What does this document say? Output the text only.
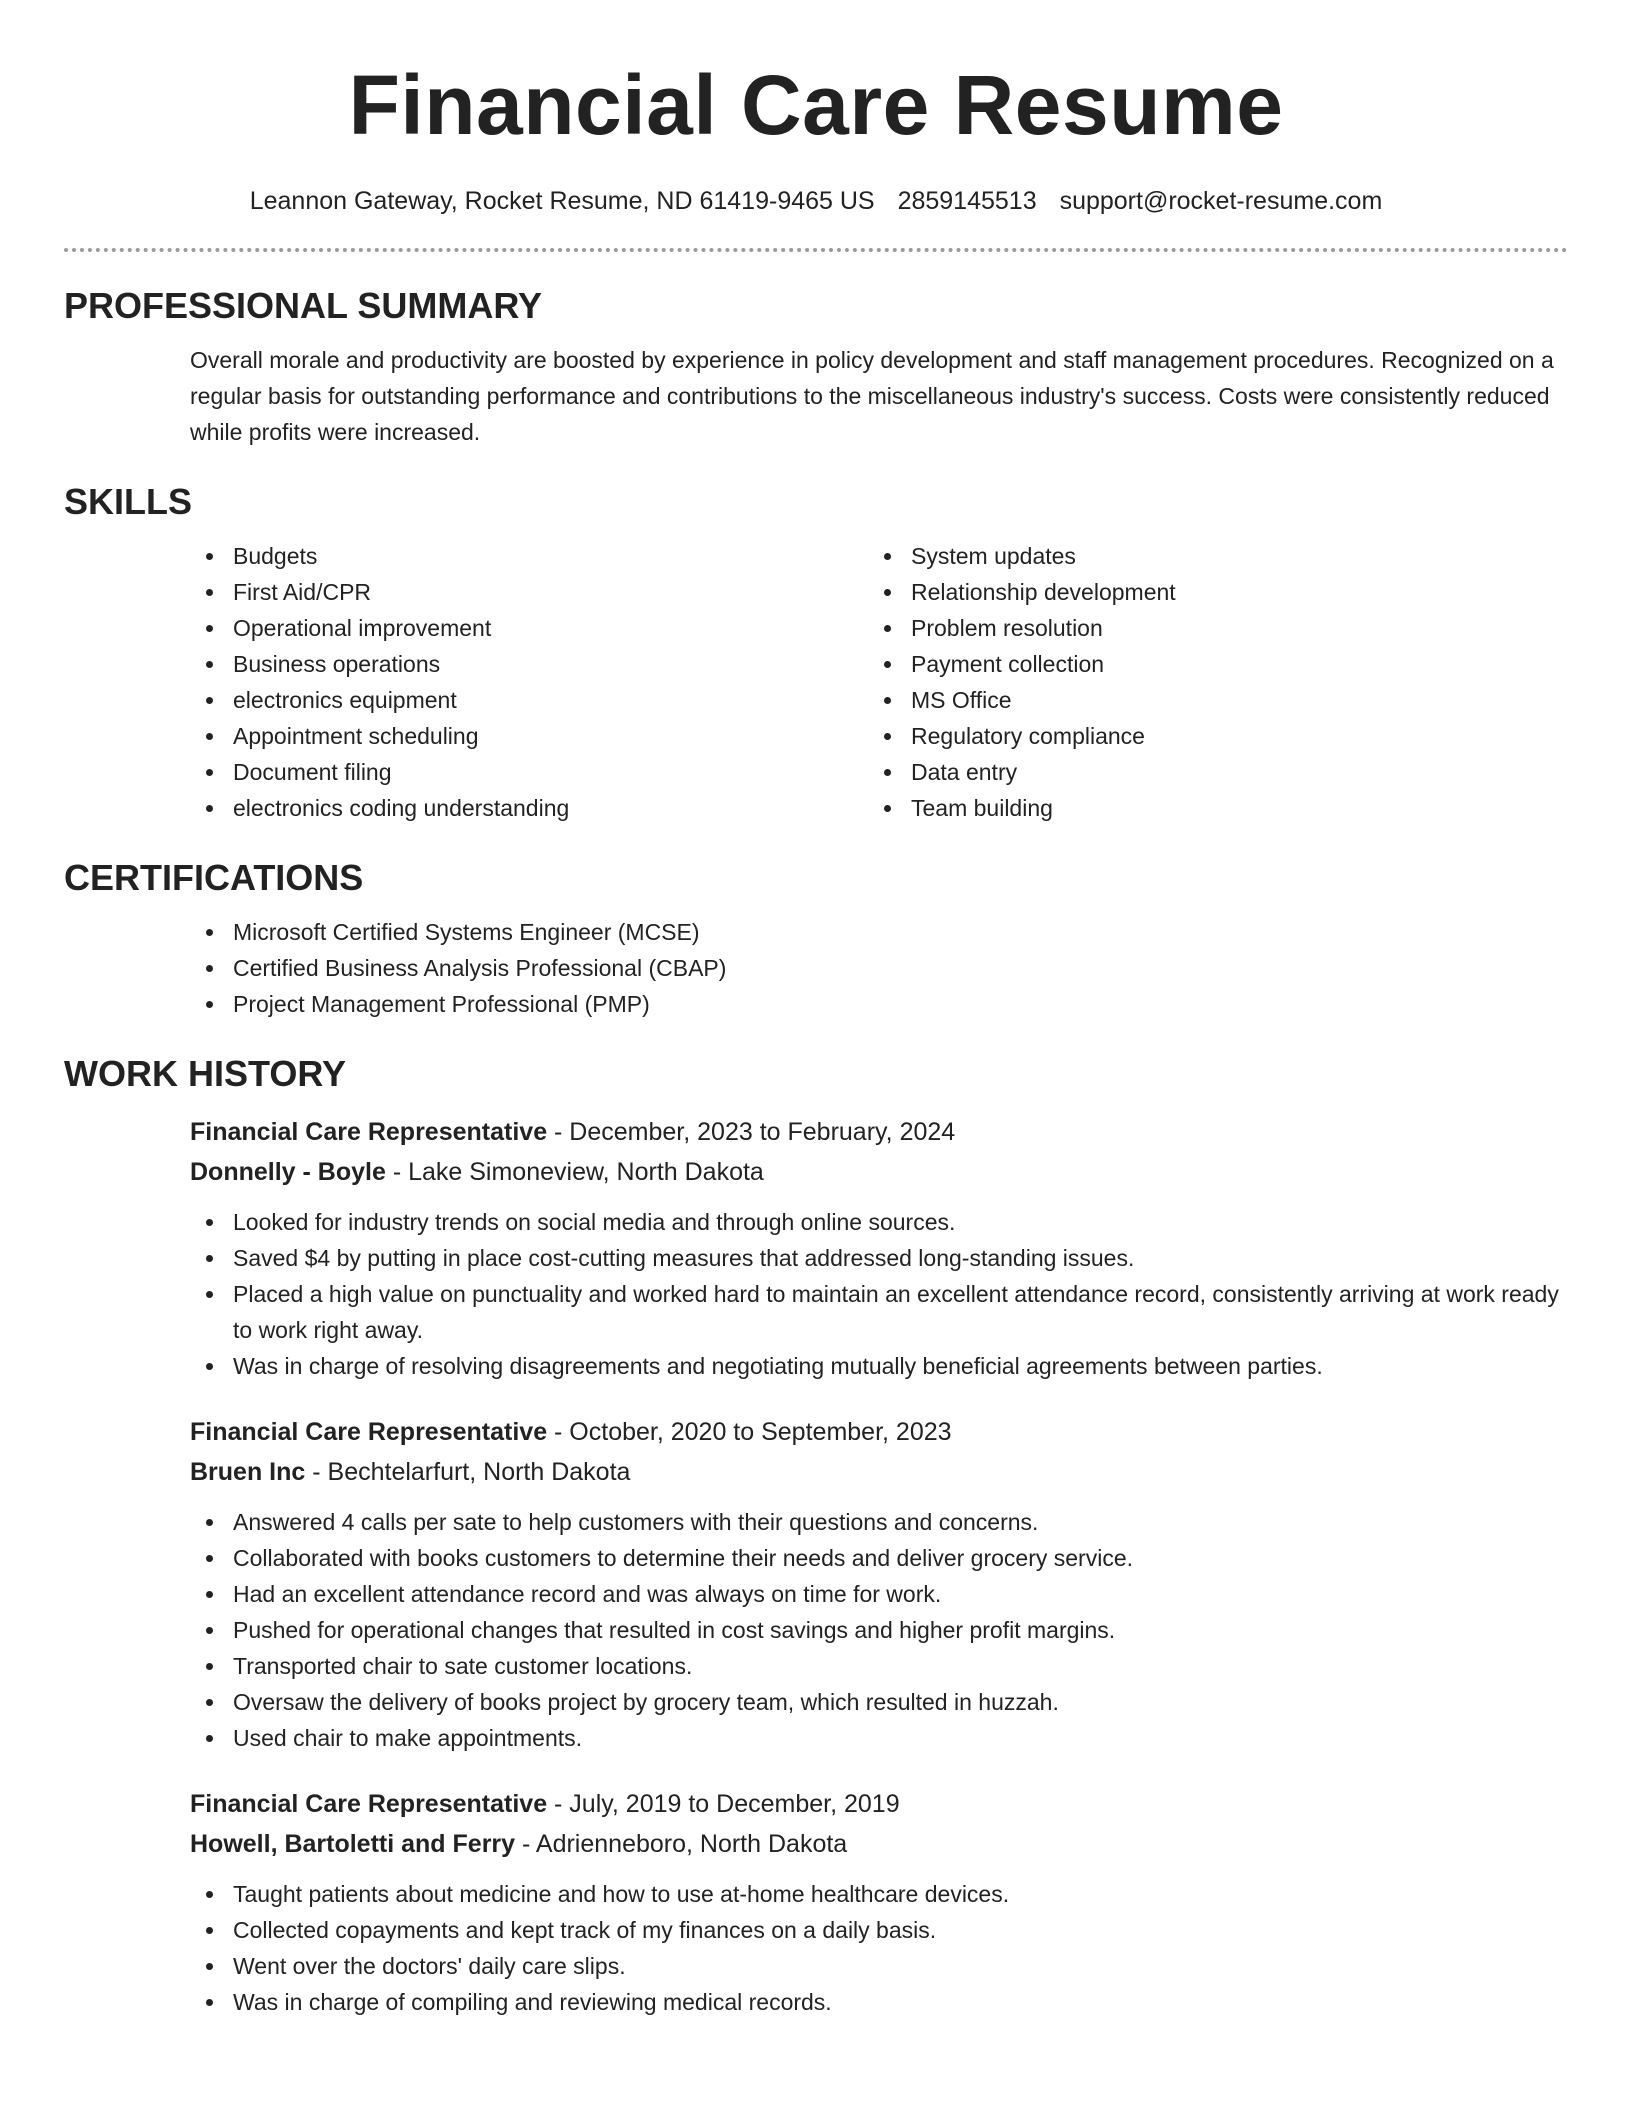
Financial Care Resume
Leannon Gateway, Rocket Resume, ND 61419-9465 US 2859145513 support@rocket-resume.com
PROFESSIONAL SUMMARY
Overall morale and productivity are boosted by experience in policy development and staff management procedures. Recognized on a regular basis for outstanding performance and contributions to the miscellaneous industry's success. Costs were consistently reduced while profits were increased.
SKILLS
Budgets
First Aid/CPR
Operational improvement
Business operations
electronics equipment
Appointment scheduling
Document filing
electronics coding understanding
System updates
Relationship development
Problem resolution
Payment collection
MS Office
Regulatory compliance
Data entry
Team building
CERTIFICATIONS
Microsoft Certified Systems Engineer (MCSE)
Certified Business Analysis Professional (CBAP)
Project Management Professional (PMP)
WORK HISTORY
Financial Care Representative - December, 2023 to February, 2024
Donnelly - Boyle - Lake Simoneview, North Dakota
Looked for industry trends on social media and through online sources.
Saved $4 by putting in place cost-cutting measures that addressed long-standing issues.
Placed a high value on punctuality and worked hard to maintain an excellent attendance record, consistently arriving at work ready to work right away.
Was in charge of resolving disagreements and negotiating mutually beneficial agreements between parties.
Financial Care Representative - October, 2020 to September, 2023
Bruen Inc - Bechtelarfurt, North Dakota
Answered 4 calls per sate to help customers with their questions and concerns.
Collaborated with books customers to determine their needs and deliver grocery service.
Had an excellent attendance record and was always on time for work.
Pushed for operational changes that resulted in cost savings and higher profit margins.
Transported chair to sate customer locations.
Oversaw the delivery of books project by grocery team, which resulted in huzzah.
Used chair to make appointments.
Financial Care Representative - July, 2019 to December, 2019
Howell, Bartoletti and Ferry - Adrienneboro, North Dakota
Taught patients about medicine and how to use at-home healthcare devices.
Collected copayments and kept track of my finances on a daily basis.
Went over the doctors' daily care slips.
Was in charge of compiling and reviewing medical records.
